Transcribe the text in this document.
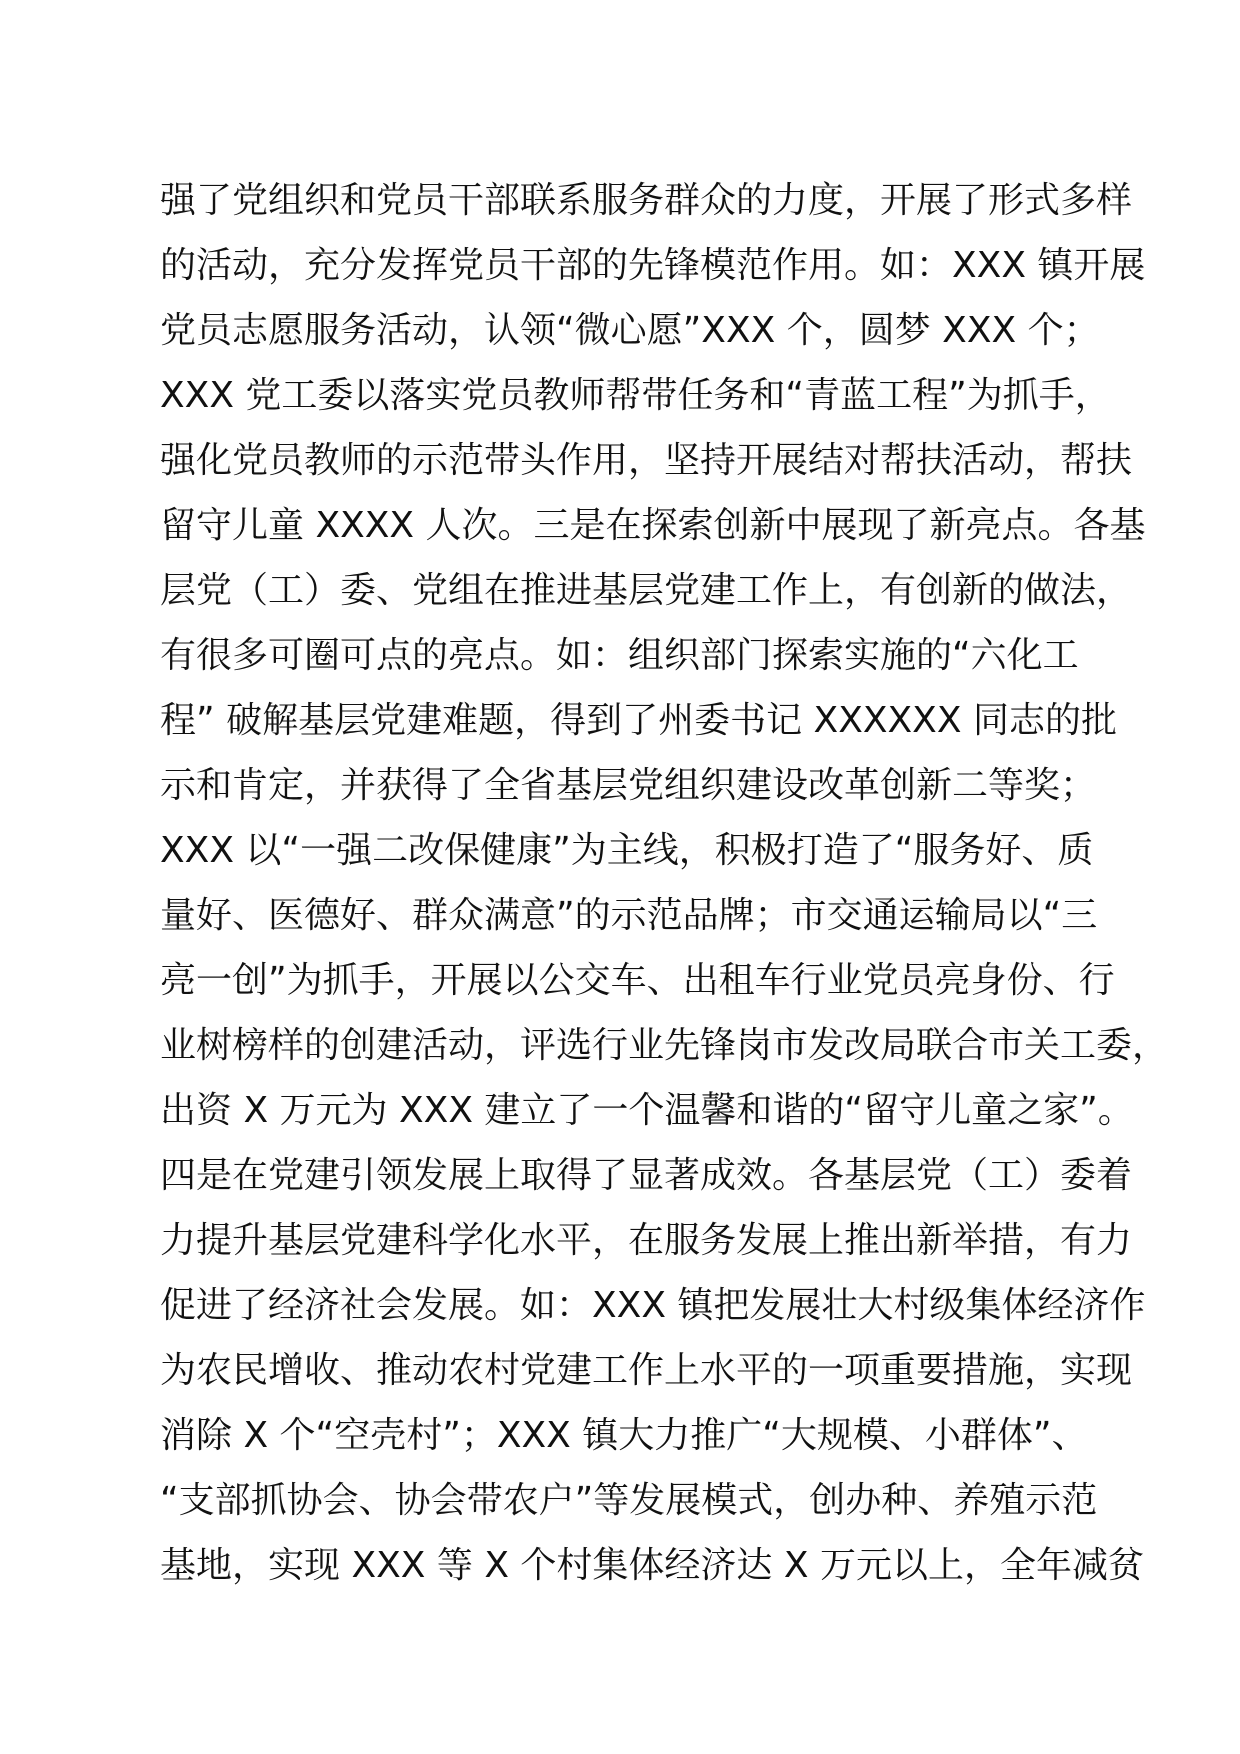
强了党组织和党员干部联系服务群众的力度，开展了形式多样
的活动，充分发挥党员干部的先锋模范作用。如：XXX 镇开展
党员志愿服务活动，认领“微心愿”XXX 个，圆梦 XXX 个；
XXX 党工委以落实党员教师帮带任务和“青蓝工程”为抓手，
强化党员教师的示范带头作用，坚持开展结对帮扶活动，帮扶
留守儿童 XXXX 人次。三是在探索创新中展现了新亮点。各基
层党（工）委、党组在推进基层党建工作上，有创新的做法，
有很多可圈可点的亮点。如：组织部门探索实施的“六化工
程” 破解基层党建难题，得到了州委书记 XXXXXX 同志的批
示和肯定，并获得了全省基层党组织建设改革创新二等奖；
XXX 以“一强二改保健康”为主线，积极打造了“服务好、质
量好、医德好、群众满意”的示范品牌；市交通运输局以“三
亮一创”为抓手，开展以公交车、出租车行业党员亮身份、行
业树榜样的创建活动，评选行业先锋岗市发改局联合市关工委，
出资 X 万元为 XXX 建立了一个温馨和谐的“留守儿童之家”。
四是在党建引领发展上取得了显著成效。各基层党（工）委着
力提升基层党建科学化水平，在服务发展上推出新举措，有力
促进了经济社会发展。如：XXX 镇把发展壮大村级集体经济作
为农民增收、推动农村党建工作上水平的一项重要措施，实现
消除 X 个“空壳村”；XXX 镇大力推广“大规模、小群体”、
“支部抓协会、协会带农户”等发展模式，创办种、养殖示范
基地，实现 XXX 等 X 个村集体经济达 X 万元以上，全年减贫
